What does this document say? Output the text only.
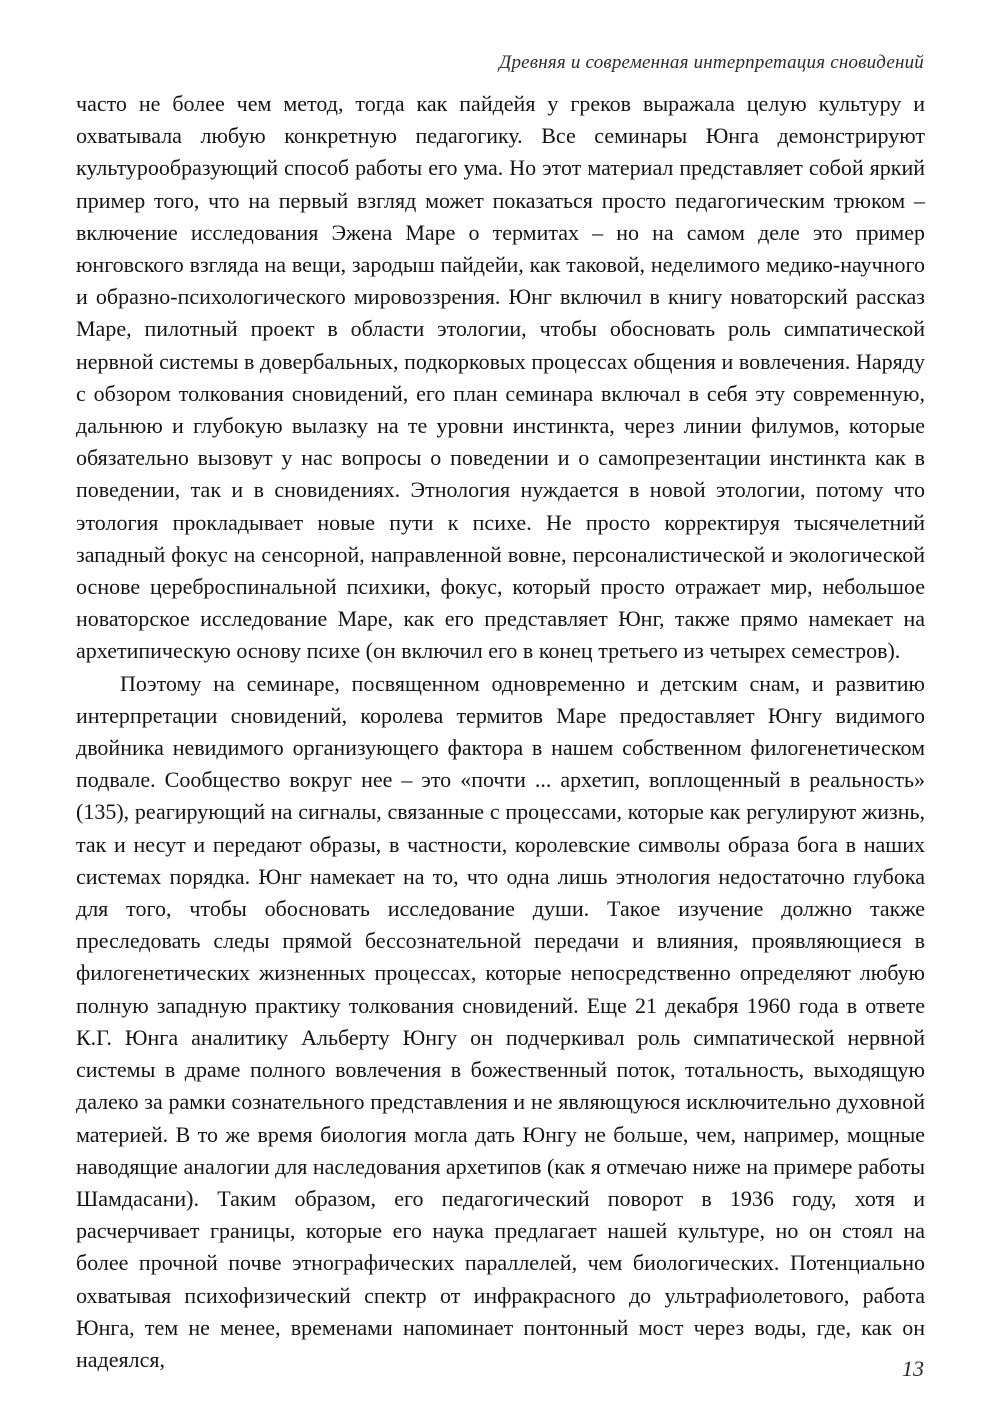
Древняя и современная интерпретация сновидений

часто не более чем метод, тогда как пайдейя у греков выражала целую культуру и охватывала любую конкретную педагогику. Все семинары Юнга демонстрируют культурообразующий способ работы его ума. Но этот материал представляет собой яркий пример того, что на первый взгляд может показаться просто педагогическим трюком – включение исследования Эжена Маре о термитах – но на самом деле это пример юнговского взгляда на вещи, зародыш пайдейи, как таковой, неделимого медико-научного и образно-психологического мировоззрения. Юнг включил в книгу новаторский рассказ Маре, пилотный проект в области этологии, чтобы обосновать роль симпатической нервной системы в довербальных, подкорковых процессах общения и вовлечения. Наряду с обзором толкования сновидений, его план семинара включал в себя эту современную, дальнюю и глубокую вылазку на те уровни инстинкта, через линии филумов, которые обязательно вызовут у нас вопросы о поведении и о самопрезентации инстинкта как в поведении, так и в сновидениях. Этнология нуждается в новой этологии, потому что этология прокладывает новые пути к психе. Не просто корректируя тысячелетний западный фокус на сенсорной, направленной вовне, персоналистической и экологической основе цереброспинальной психики, фокус, который просто отражает мир, небольшое новаторское исследование Маре, как его представляет Юнг, также прямо намекает на архетипическую основу психе (он включил его в конец третьего из четырех семестров).

Поэтому на семинаре, посвященном одновременно и детским снам, и развитию интерпретации сновидений, королева термитов Маре предоставляет Юнгу видимого двойника невидимого организующего фактора в нашем собственном филогенетическом подвале. Сообщество вокруг нее – это «почти ... архетип, воплощенный в реальность» (135), реагирующий на сигналы, связанные с процессами, которые как регулируют жизнь, так и несут и передают образы, в частности, королевские символы образа бога в наших системах порядка. Юнг намекает на то, что одна лишь этнология недостаточно глубока для того, чтобы обосновать исследование души. Такое изучение должно также преследовать следы прямой бессознательной передачи и влияния, проявляющиеся в филогенетических жизненных процессах, которые непосредственно определяют любую полную западную практику толкования сновидений. Еще 21 декабря 1960 года в ответе К.Г. Юнга аналитику Альберту Юнгу он подчеркивал роль симпатической нервной системы в драме полного вовлечения в божественный поток, тотальность, выходящую далеко за рамки сознательного представления и не являющуюся исключительно духовной материей. В то же время биология могла дать Юнгу не больше, чем, например, мощные наводящие аналогии для наследования архетипов (как я отмечаю ниже на примере работы Шамдасани). Таким образом, его педагогический поворот в 1936 году, хотя и расчерчивает границы, которые его наука предлагает нашей культуре, но он стоял на более прочной почве этнографических параллелей, чем биологических. Потенциально охватывая психофизический спектр от инфракрасного до ультрафиолетового, работа Юнга, тем не менее, временами напоминает понтонный мост через воды, где, как он надеялся,	13
